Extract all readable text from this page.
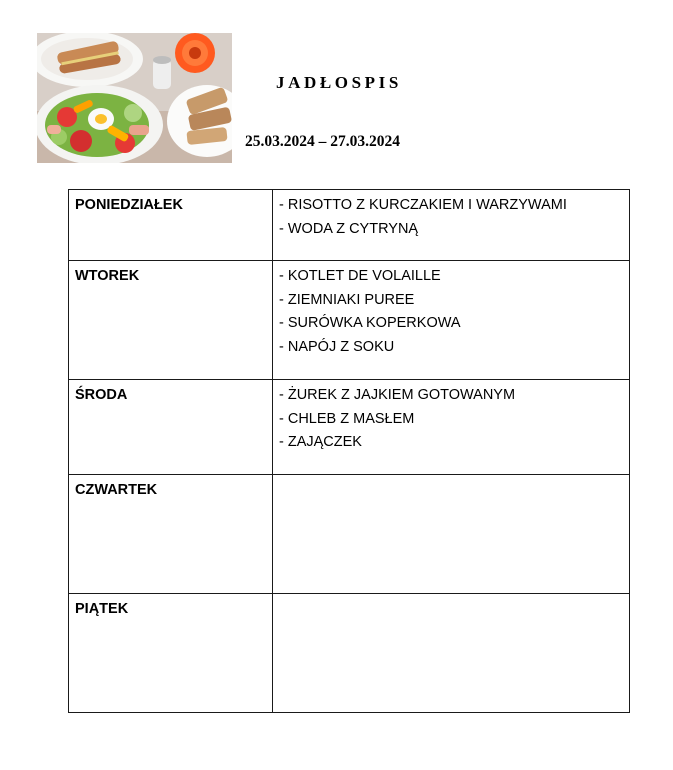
JADŁOSPIS
25.03.2024 – 27.03.2024
PONIEDZIAŁEK	- RISOTTO Z KURCZAKIEM I WARZYWAMI
- WODA Z CYTRYNĄ

WTOREK	- KOTLET DE VOLAILLE
- ZIEMNIAKI PUREE
- SURÓWKA KOPERKOWA
- NAPÓJ Z SOKU

ŚRODA	- ŻUREK Z JAJKIEM GOTOWANYM
- CHLEB Z MASŁEM
- ZAJĄCZEK

CZWARTEK	
PIĄTEK	
